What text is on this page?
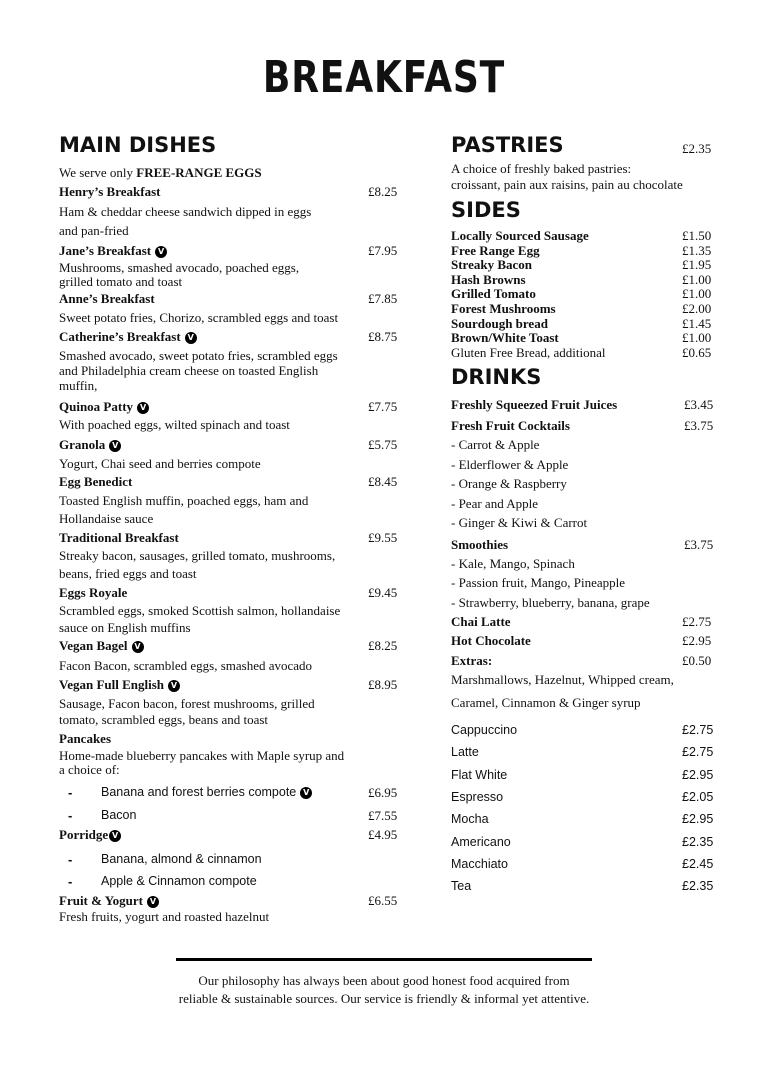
BREAKFAST
MAIN DISHES
We serve only FREE-RANGE EGGS
Henry’s Breakfast	£8.25
Ham & cheddar cheese sandwich dipped in eggs
and pan-fried
Jane’s Breakfast V	£7.95
Mushrooms, smashed avocado, poached eggs,
grilled tomato and toast
Anne’s Breakfast	£7.85
Sweet potato fries, Chorizo, scrambled eggs and toast
Catherine’s Breakfast V	£8.75
Smashed avocado, sweet potato fries, scrambled eggs
and Philadelphia cream cheese on toasted English
muffin,
Quinoa Patty V	£7.75
With poached eggs, wilted spinach and toast
Granola V	£5.75
Yogurt, Chai seed and berries compote
Egg Benedict	£8.45
Toasted English muffin, poached eggs, ham and
Hollandaise sauce
Traditional Breakfast	£9.55
Streaky bacon, sausages, grilled tomato, mushrooms,
beans, fried eggs and toast
Eggs Royale	£9.45
Scrambled eggs, smoked Scottish salmon, hollandaise
sauce on English muffins
Vegan Bagel V	£8.25
Facon Bacon, scrambled eggs, smashed avocado
Vegan Full English V	£8.95
Sausage, Facon bacon, forest mushrooms, grilled
tomato, scrambled eggs, beans and toast
Pancakes
Home-made blueberry pancakes with Maple syrup and
a choice of:
- Banana and forest berries compote V	£6.95
- Bacon	£7.55
Porridge V	£4.95
- Banana, almond & cinnamon
- Apple & Cinnamon compote
Fruit & Yogurt V	£6.55
Fresh fruits, yogurt and roasted hazelnut
PASTRIES	£2.35
A choice of freshly baked pastries:
croissant, pain aux raisins, pain au chocolate
SIDES
Locally Sourced Sausage	£1.50
Free Range Egg	£1.35
Streaky Bacon	£1.95
Hash Browns	£1.00
Grilled Tomato	£1.00
Forest Mushrooms	£2.00
Sourdough bread	£1.45
Brown/White Toast	£1.00
Gluten Free Bread, additional	£0.65
DRINKS
Freshly Squeezed Fruit Juices	£3.45
Fresh Fruit Cocktails	£3.75
- Carrot & Apple
- Elderflower & Apple
- Orange & Raspberry
- Pear and Apple
- Ginger & Kiwi & Carrot
Smoothies	£3.75
- Kale, Mango, Spinach
- Passion fruit, Mango, Pineapple
- Strawberry, blueberry, banana, grape
Chai Latte	£2.75
Hot Chocolate	£2.95
Extras:	£0.50
Marshmallows, Hazelnut, Whipped cream,
Caramel, Cinnamon & Ginger syrup
Cappuccino	£2.75
Latte	£2.75
Flat White	£2.95
Espresso	£2.05
Mocha	£2.95
Americano	£2.35
Macchiato	£2.45
Tea	£2.35
Our philosophy has always been about good honest food acquired from
reliable & sustainable sources. Our service is friendly & informal yet attentive.
